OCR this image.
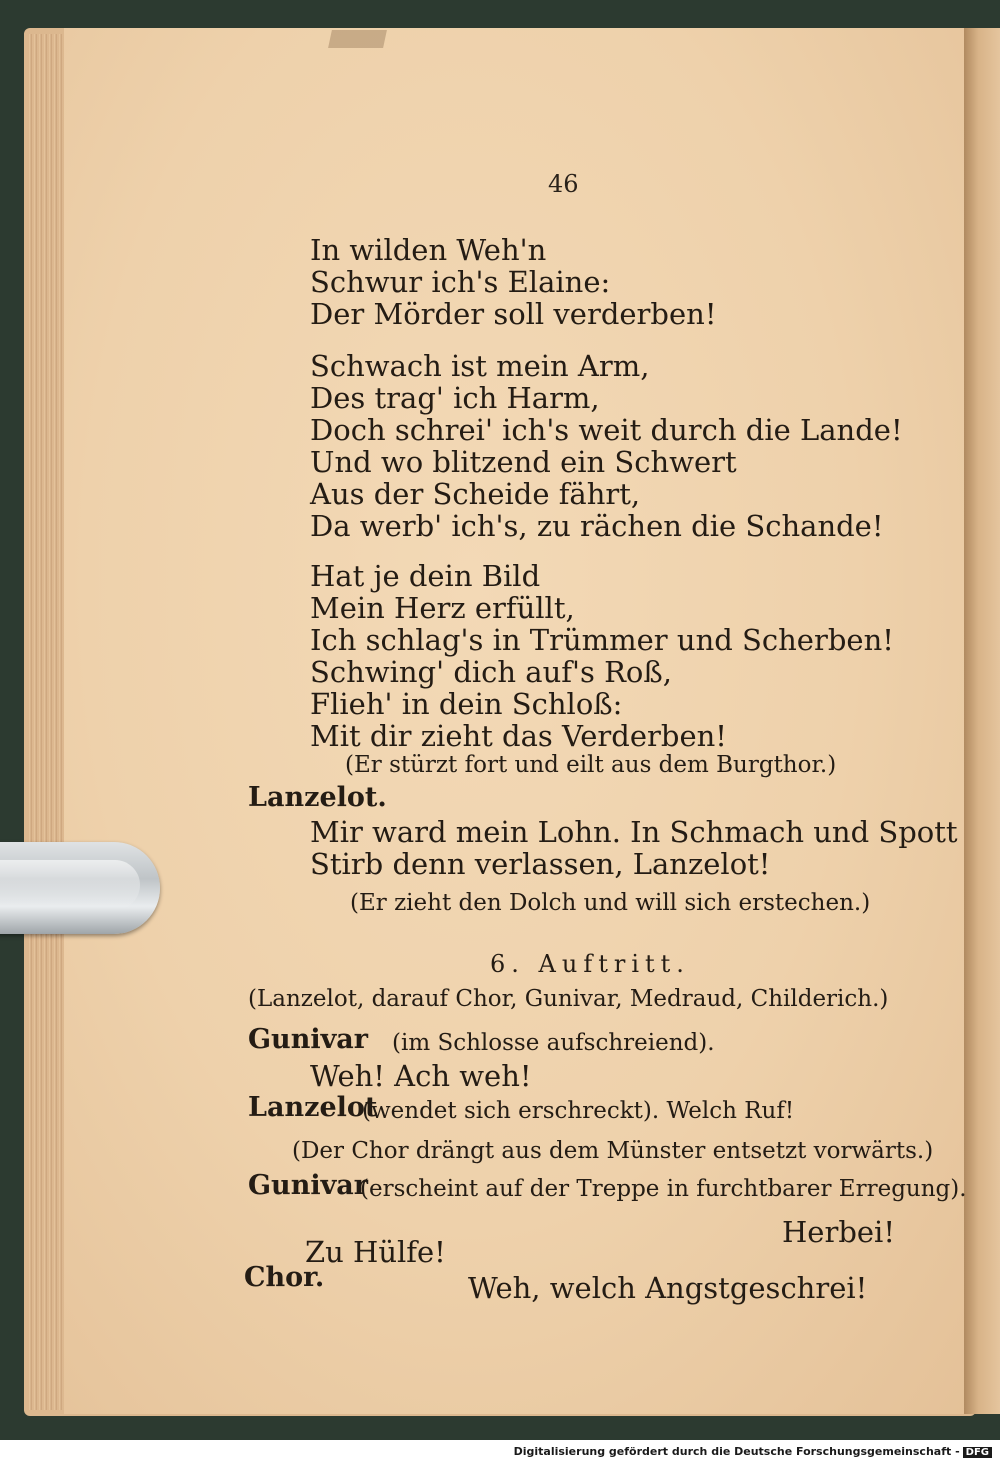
46
In wilden Weh'n
Schwur ich's Elaine:
Der Mörder soll verderben!
Schwach ist mein Arm,
Des trag' ich Harm,
Doch schrei' ich's weit durch die Lande!
Und wo blitzend ein Schwert
Aus der Scheide fährt,
Da werb' ich's, zu rächen die Schande!
Hat je dein Bild
Mein Herz erfüllt,
Ich schlag's in Trümmer und Scherben!
Schwing' dich auf's Roß,
Flieh' in dein Schloß:
Mit dir zieht das Verderben!
(Er stürzt fort und eilt aus dem Burgthor.)
Lanzelot.
Mir ward mein Lohn. In Schmach und Spott
Stirb denn verlassen, Lanzelot!
(Er zieht den Dolch und will sich erstechen.)
6. Auftritt.
(Lanzelot, darauf Chor, Gunivar, Medraud, Childerich.)
Gunivar (im Schlosse aufschreiend).
Weh! Ach weh!
Lanzelot
(wendet sich erschreckt). Welch Ruf!
(Der Chor drängt aus dem Münster entsetzt vorwärts.)
Gunivar
(erscheint auf der Treppe in furchtbarer Erregung).
Herbei!
Zu Hülfe!
Chor.	Weh, welch Angstgeschrei!
Digitalisierung gefördert durch die Deutsche Forschungsgemeinschaft - DFG
